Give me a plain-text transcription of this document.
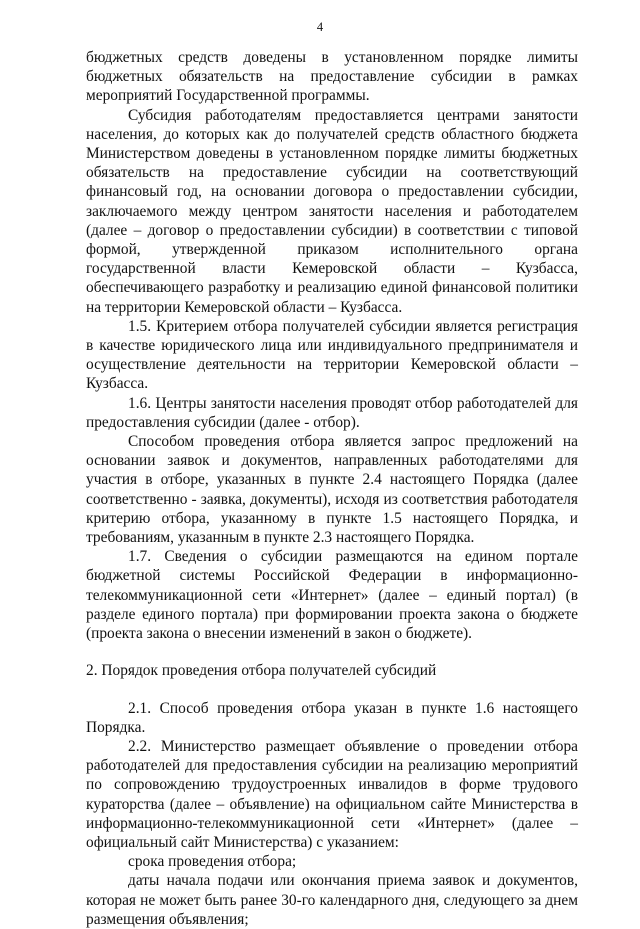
4

бюджетных средств доведены в установленном порядке лимиты бюджетных обязательств на предоставление субсидии в рамках мероприятий Государственной программы.

Субсидия работодателям предоставляется центрами занятости населения, до которых как до получателей средств областного бюджета Министерством доведены в установленном порядке лимиты бюджетных обязательств на предоставление субсидии на соответствующий финансовый год, на основании договора о предоставлении субсидии, заключаемого между центром занятости населения и работодателем (далее – договор о предоставлении субсидии) в соответствии с типовой формой, утвержденной приказом исполнительного органа государственной власти Кемеровской области – Кузбасса, обеспечивающего разработку и реализацию единой финансовой политики на территории Кемеровской области – Кузбасса.

1.5. Критерием отбора получателей субсидии является регистрация в качестве юридического лица или индивидуального предпринимателя и осуществление деятельности на территории Кемеровской области – Кузбасса.

1.6. Центры занятости населения проводят отбор работодателей для предоставления субсидии (далее - отбор).

Способом проведения отбора является запрос предложений на основании заявок и документов, направленных работодателями для участия в отборе, указанных в пункте 2.4 настоящего Порядка (далее соответственно - заявка, документы), исходя из соответствия работодателя критерию отбора, указанному в пункте 1.5 настоящего Порядка, и требованиям, указанным в пункте 2.3 настоящего Порядка.

1.7. Сведения о субсидии размещаются на едином портале бюджетной системы Российской Федерации в информационно-телекоммуникационной сети «Интернет» (далее – единый портал) (в разделе единого портала) при формировании проекта закона о бюджете (проекта закона о внесении изменений в закон о бюджете).

2. Порядок проведения отбора получателей субсидий

2.1. Способ проведения отбора указан в пункте 1.6 настоящего Порядка.

2.2. Министерство размещает объявление о проведении отбора работодателей для предоставления субсидии на реализацию мероприятий по сопровождению трудоустроенных инвалидов в форме трудового кураторства (далее – объявление) на официальном сайте Министерства в информационно-телекоммуникационной сети «Интернет» (далее – официальный сайт Министерства) с указанием:

срока проведения отбора;

даты начала подачи или окончания приема заявок и документов, которая не может быть ранее 30-го календарного дня, следующего за днем размещения объявления;
